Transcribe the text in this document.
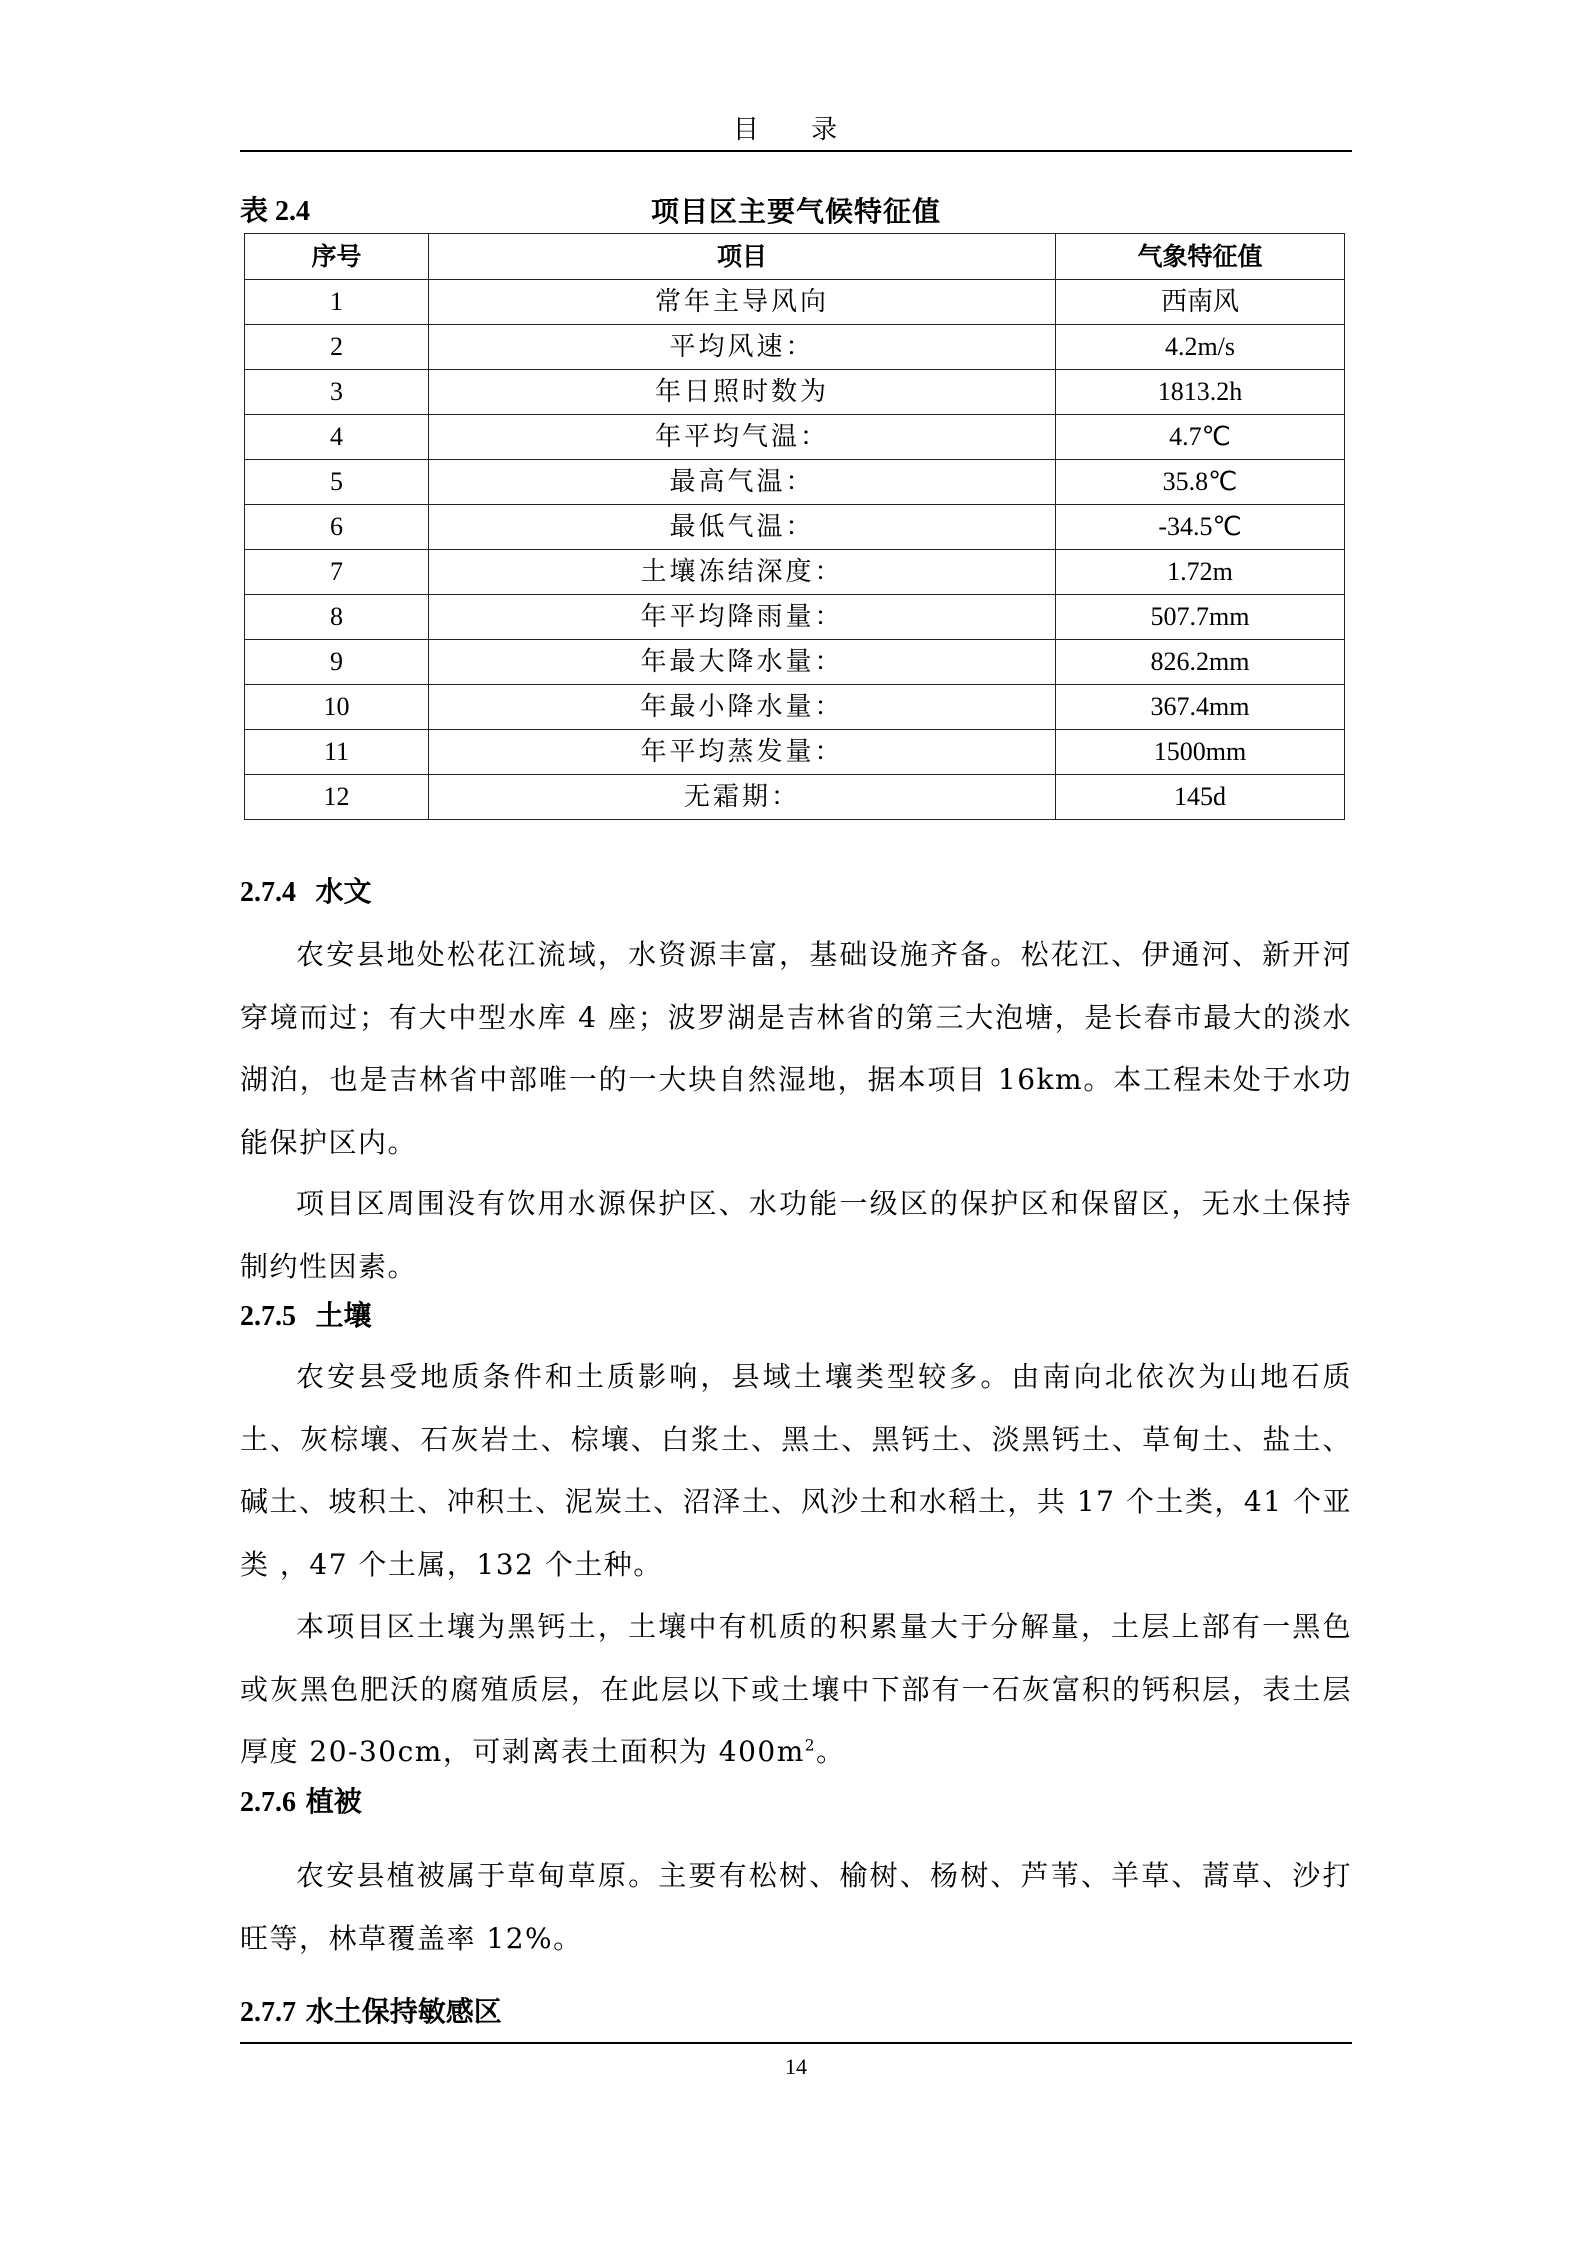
目 录
表 2.4	项目区主要气候特征值
序号	项目	气象特征值
1	常年主导风向	西南风
2	平均风速：	4.2m/s
3	年日照时数为	1813.2h
4	年平均气温：	4.7℃
5	最高气温：	35.8℃
6	最低气温：	-34.5℃
7	土壤冻结深度：	1.72m
8	年平均降雨量：	507.7mm
9	年最大降水量：	826.2mm
10	年最小降水量：	367.4mm
11	年平均蒸发量：	1500mm
12	无霜期：	145d
2.7.4 水文
农安县地处松花江流域，水资源丰富，基础设施齐备。松花江、伊通河、新开河穿境而过；有大中型水库 4 座；波罗湖是吉林省的第三大泡塘，是长春市最大的淡水湖泊，也是吉林省中部唯一的一大块自然湿地，据本项目 16km。本工程未处于水功能保护区内。
项目区周围没有饮用水源保护区、水功能一级区的保护区和保留区，无水土保持制约性因素。
2.7.5 土壤
农安县受地质条件和土质影响，县域土壤类型较多。由南向北依次为山地石质土、灰棕壤、石灰岩土、棕壤、白浆土、黑土、黑钙土、淡黑钙土、草甸土、盐土、碱土、坡积土、冲积土、泥炭土、沼泽土、风沙土和水稻土，共 17 个土类，41 个亚类 ，47 个土属，132 个土种。
本项目区土壤为黑钙土，土壤中有机质的积累量大于分解量，土层上部有一黑色或灰黑色肥沃的腐殖质层，在此层以下或土壤中下部有一石灰富积的钙积层，表土层厚度 20-30cm，可剥离表土面积为 $400m^2$。
2.7.6 植被
农安县植被属于草甸草原。主要有松树、榆树、杨树、芦苇、羊草、蒿草、沙打旺等，林草覆盖率 12%。
2.7.7 水土保持敏感区
14
